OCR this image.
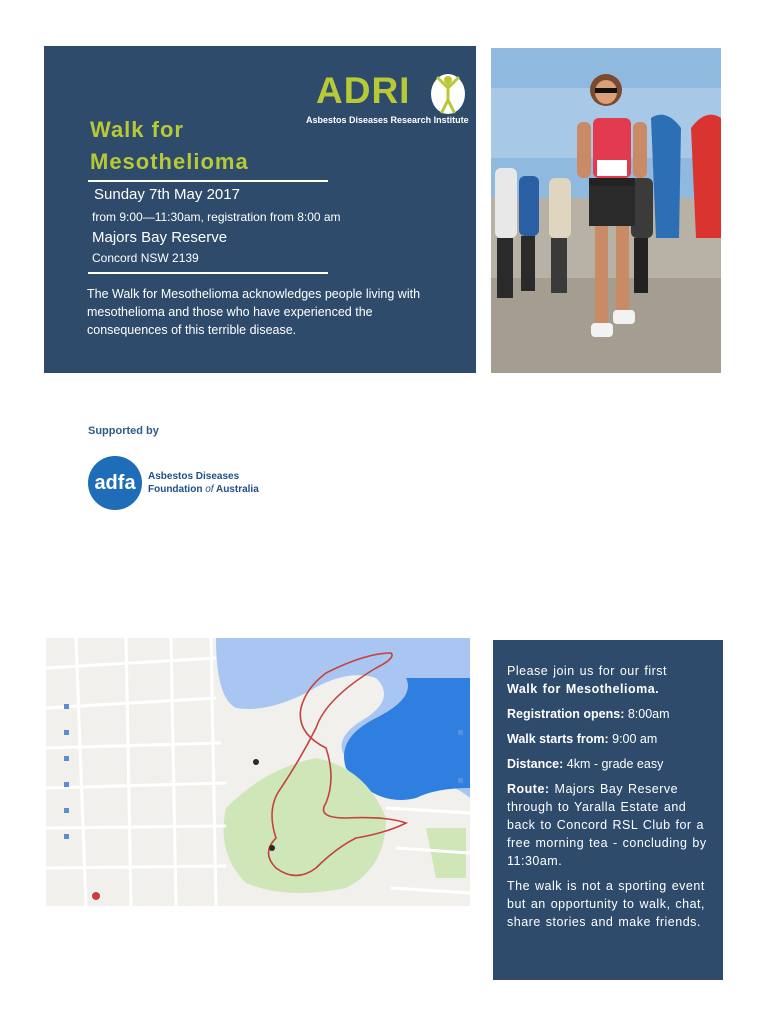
ADRI
Asbestos Diseases Research Institute
Walk for
Mesothelioma
Sunday 7th May 2017
from 9:00—11:30am, registration from 8:00 am
Majors Bay Reserve
Concord NSW 2139
The Walk for Mesothelioma acknowledges people living with mesothelioma and those who have experienced the consequences of this terrible disease.
Supported by
adfa	Asbestos Diseases
Foundation of Australia

Please join us for our first
Walk for Mesothelioma.

Registration opens: 8:00am

Walk starts from: 9:00 am

Distance: 4km - grade easy

Route: Majors Bay Reserve through to Yaralla Estate and back to Concord RSL Club for a free morning tea - concluding by 11:30am.

The walk is not a sporting event but an opportunity to walk, chat, share stories and make friends.
